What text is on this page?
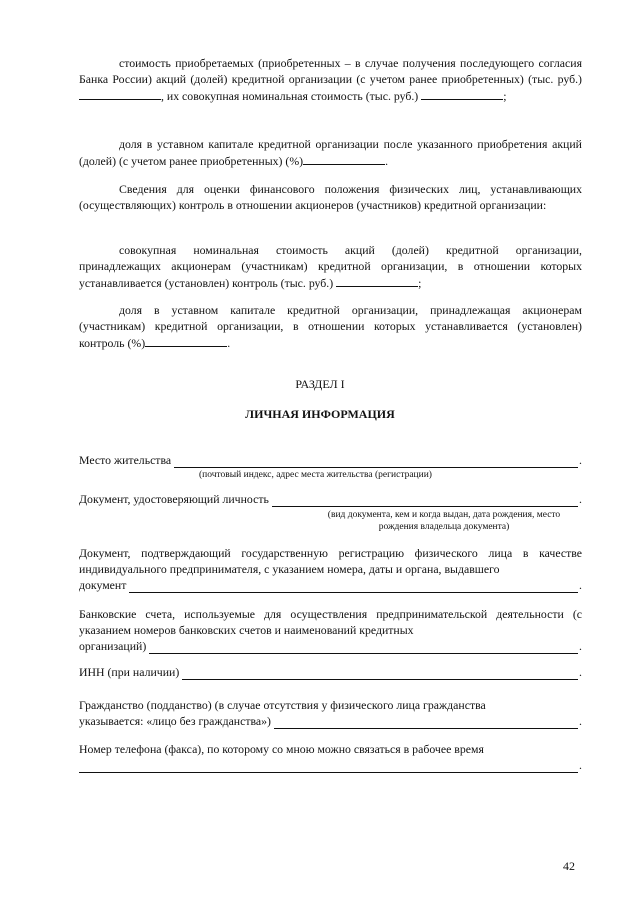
стоимость приобретаемых (приобретенных – в случае получения последующего согласия Банка России) акций (долей) кредитной организации (с учетом ранее приобретенных) (тыс. руб.) , их совокупная номинальная стоимость (тыс. руб.)	;

доля в уставном капитале кредитной организации после указанного приобретения акций (долей) (с учетом ранее приобретенных) (%)	.

Сведения для оценки финансового положения физических лиц, устанавливающих (осуществляющих) контроль в отношении акционеров (участников) кредитной организации:

совокупная номинальная стоимость акций (долей) кредитной организации, принадлежащих акционерам (участникам) кредитной организации, в отношении которых устанавливается (установлен) контроль (тыс. руб.)	;

доля в уставном капитале кредитной организации, принадлежащая акционерам (участникам) кредитной организации, в отношении которых устанавливается (установлен) контроль (%)	.

РАЗДЕЛ I
ЛИЧНАЯ ИНФОРМАЦИЯ
Место жительства	.
(почтовый индекс, адрес места жительства (регистрации)
Документ, удостоверяющий личность	.
(вид документа, кем и когда выдан, дата рождения, место рождения владельца документа)

Документ, подтверждающий государственную регистрацию физического лица в качестве индивидуального предпринимателя, с указанием номера, даты и органа, выдавшего

документ	.

Банковские счета, используемые для осуществления предпринимательской деятельности (с указанием номеров банковских счетов и наименований кредитных

организаций)	.
ИНН (при наличии)	.

Гражданство (подданство) (в случае отсутствия у физического лица гражданства

указывается: «лицо без гражданства»)	.

Номер телефона (факса), по которому со мною можно связаться в рабочее время

.
42
